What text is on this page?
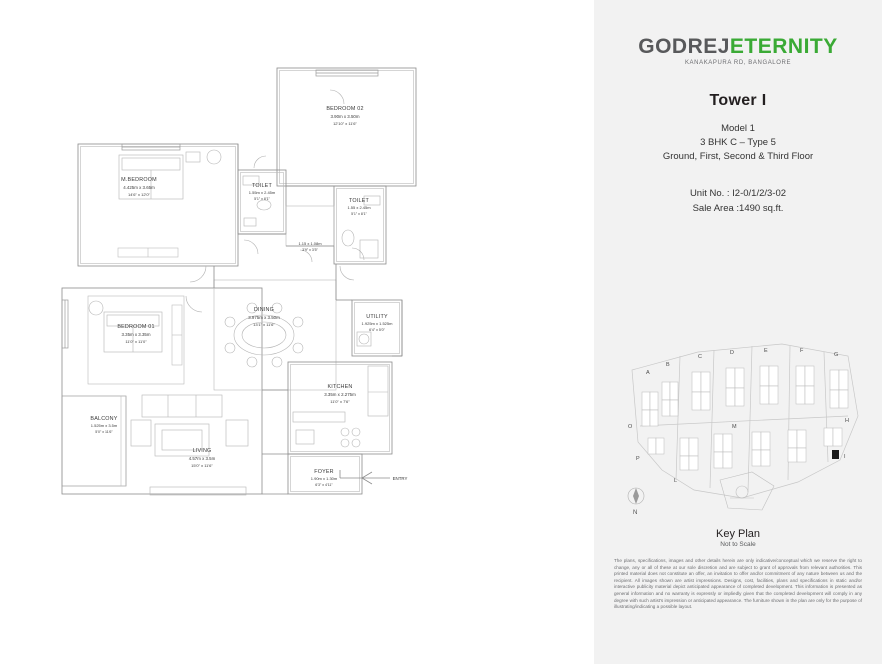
BEDROOM 02
3.90m x 3.50m
12'10" x 11'6"
M.BEDROOM
4.425m x 3.65m
14'6" x 12'0"
TOILET
1.55m x 2.45m
5'1" x 8'1"	TOILET
1.55 x 2.45m
5'1" x 8'1"
1.15 x 1.08m
3'9" x 3'5"
BEDROOM 01
3.35m x 3.35m
11'0" x 11'0"
DINING
3.975m x 3.50m
13'1" x 11'6"
UTILITY
1.925m x 1.525m
6'4" x 5'0"
KITCHEN
3.35m x 2.275m
11'0" x 7'6"
BALCONY
1.525m x 3.5m
5'0" x 11'6"
LIVING
4.57m x 3.5m
15'0" x 11'6"
FOYER
1.90m x 1.30m
6'3" x 4'11"
ENTRY
GODREJETERNITY
KANAKAPURA RD, BANGALORE
Tower I
Model 1
3 BHK C – Type 5
Ground, First, Second & Third Floor
Unit No. : I2-0/1/2/3-02
Sale Area :1490 sq.ft.
A
B
C
D	E	F
G
H
O	M
P
L
I
N
Key Plan
Not to Scale
The plans, specifications, images and other details herein are only indicative/conceptual which we reserve the right to change, any or all of these at our sole discretion and are subject to grant of approvals from relevant authorities. This printed material does not constitute an offer, an invitation to offer and/or commitment of any nature between us and the recipient. All images shown are artist impressions. Designs, cost, facilities, plans and specifications in static and/or interactive publicity material depict anticipated appearance of completed development. This information is presented as general information and no warranty is expressly or impliedly given that the completed development will comply in any degree with such artist's impression or anticipated appearance. The furniture shown in the plan are only for the purpose of illustrating/indicating a possible layout.
